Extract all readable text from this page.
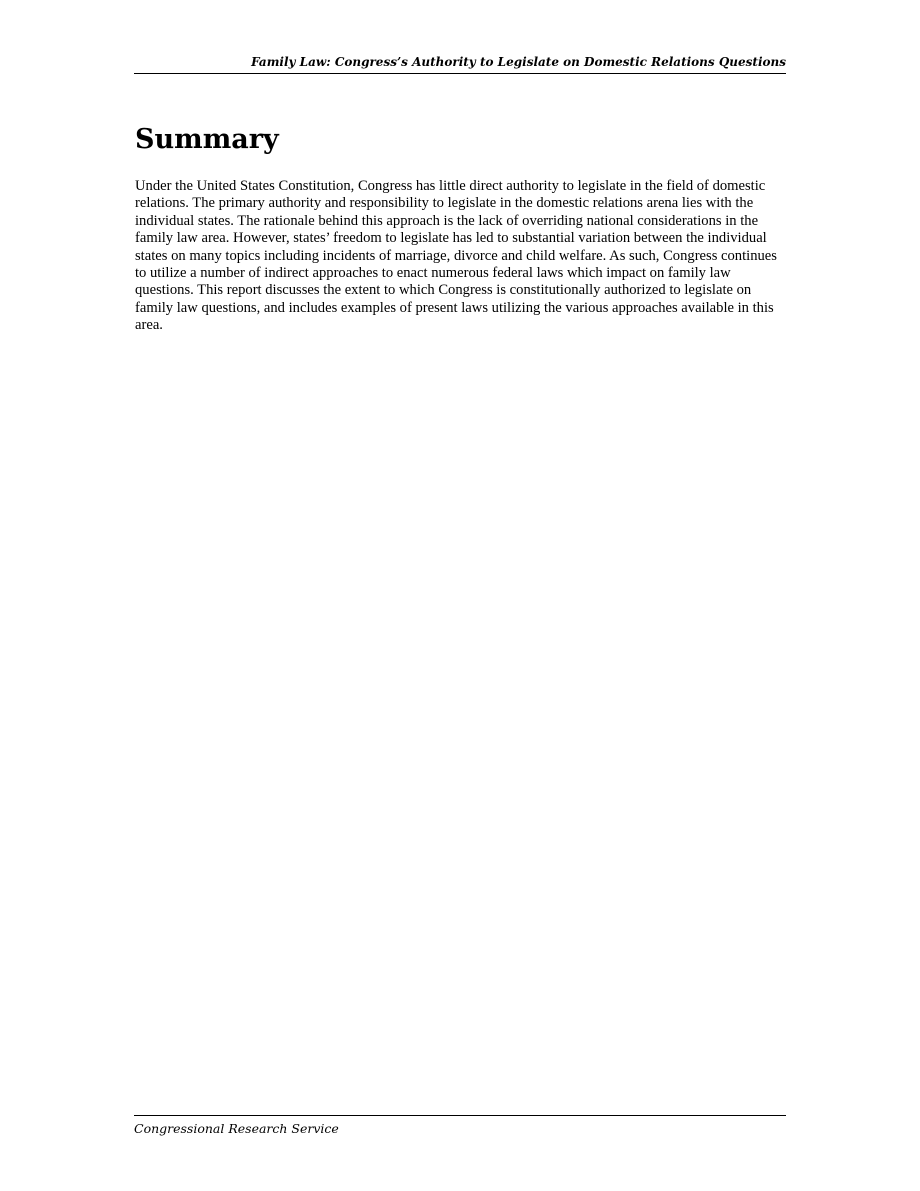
Family Law: Congress’s Authority to Legislate on Domestic Relations Questions
Summary

Under the United States Constitution, Congress has little direct authority to legislate in the field of domestic relations. The primary authority and responsibility to legislate in the domestic relations arena lies with the individual states. The rationale behind this approach is the lack of overriding national considerations in the family law area. However, states’ freedom to legislate has led to substantial variation between the individual states on many topics including incidents of marriage, divorce and child welfare. As such, Congress continues to utilize a number of indirect approaches to enact numerous federal laws which impact on family law questions. This report discusses the extent to which Congress is constitutionally authorized to legislate on family law questions, and includes examples of present laws utilizing the various approaches available in this area.

Congressional Research Service
